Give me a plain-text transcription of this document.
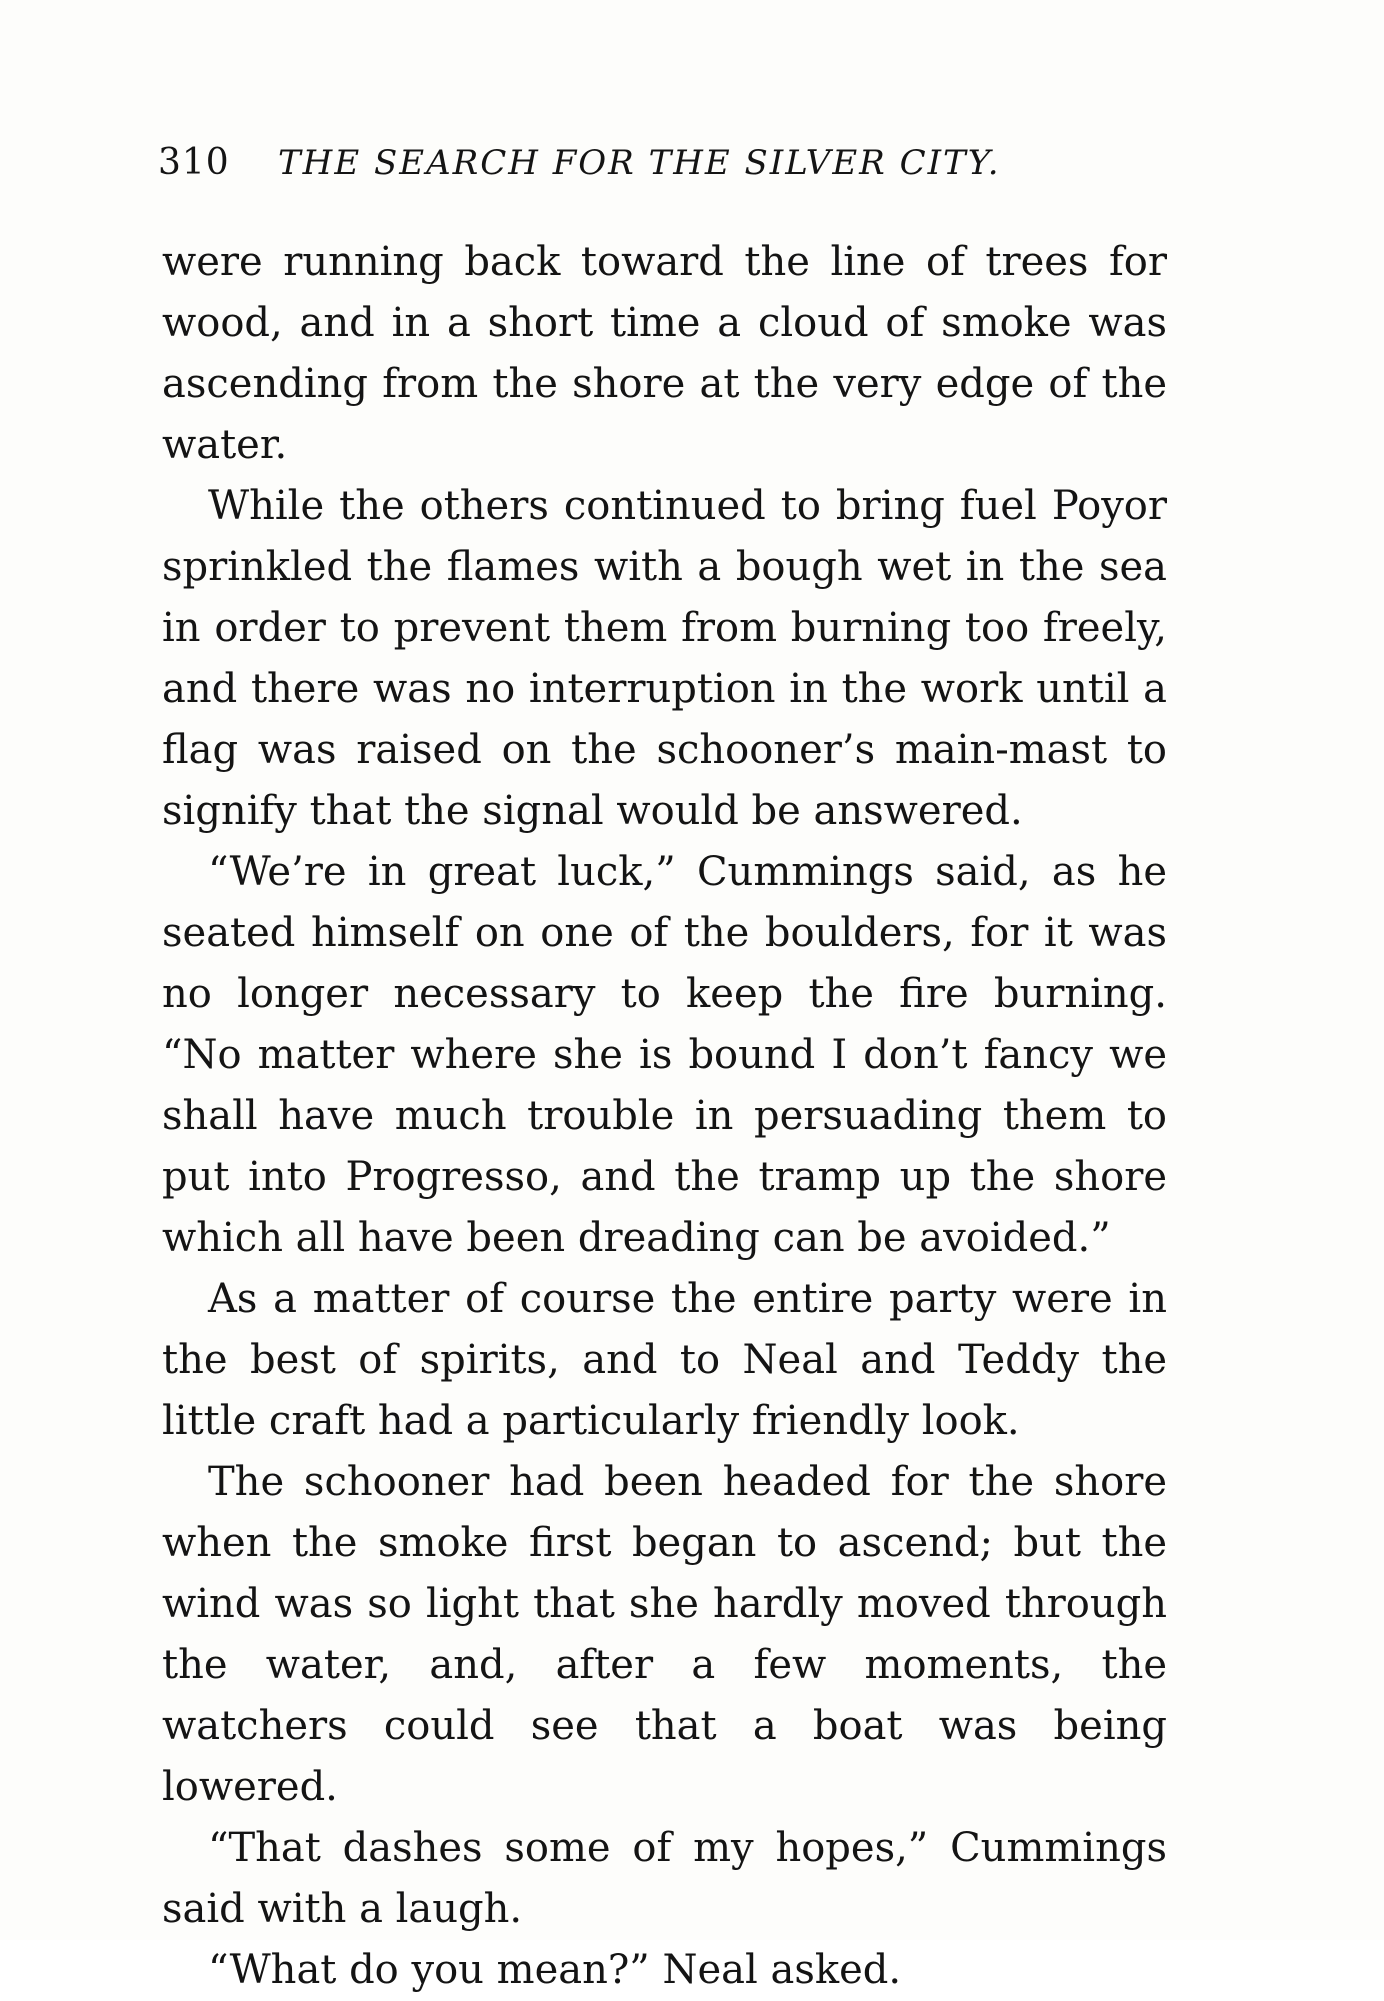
310 THE SEARCH FOR THE SILVER CITY.

were running back toward the line of trees for wood, and in a short time a cloud of smoke was ascending from the shore at the very edge of the water.

While the others continued to bring fuel Poyor sprinkled the flames with a bough wet in the sea in order to prevent them from burning too freely, and there was no interruption in the work until a flag was raised on the schooner’s main-mast to signify that the signal would be answered.

“We’re in great luck,” Cummings said, as he seated himself on one of the boulders, for it was no longer necessary to keep the fire burning. “No matter where she is bound I don’t fancy we shall have much trouble in persuading them to put into Progresso, and the tramp up the shore which all have been dreading can be avoided.”

As a matter of course the entire party were in the best of spirits, and to Neal and Teddy the little craft had a particularly friendly look.

The schooner had been headed for the shore when the smoke first began to ascend; but the wind was so light that she hardly moved through the water, and, after a few moments, the watchers could see that a boat was being lowered.

“That dashes some of my hopes,” Cummings said with a laugh.

“What do you mean?” Neal asked.
